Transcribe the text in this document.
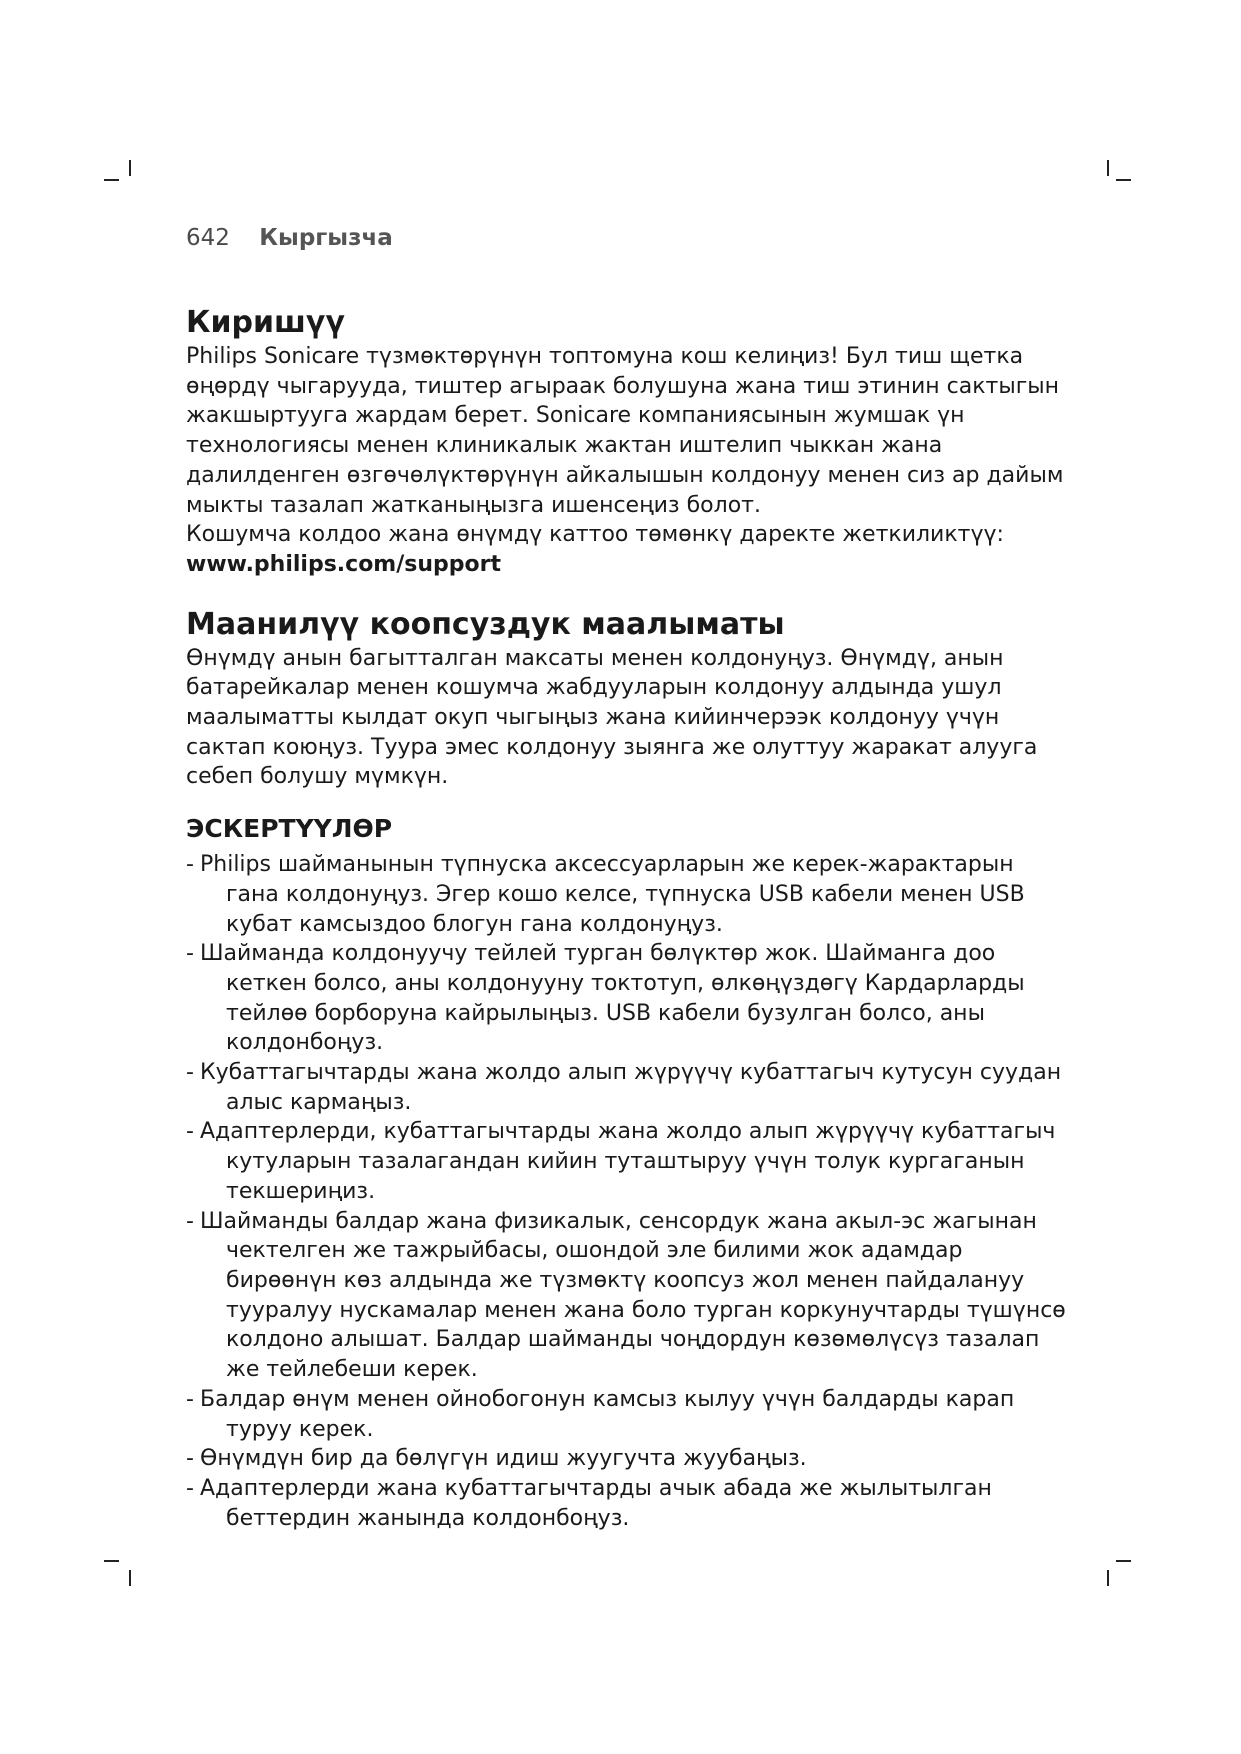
642 Кыргызча
Киришүү

Philips Sonicare түзмөктөрүнүн топтомуна кош келиңиз! Бул тиш щетка өңөрдү чыгарууда, тиштер агыраак болушуна жана тиш этинин сактыгын жакшыртууга жардам берет. Sonicare компаниясынын жумшак үн технологиясы менен клиникалык жактан иштелип чыккан жана далилденген өзгөчөлүктөрүнүн айкалышын колдонуу менен сиз ар дайым мыкты тазалап жатканыңызга ишенсеңиз болот.

Кошумча колдоо жана өнүмдү каттоо төмөнкү даректе жеткиликтүү:

www.philips.com/support

Маанилүү коопсуздук маалыматы

Өнүмдү анын багытталган максаты менен колдонуңуз. Өнүмдү, анын батарейкалар менен кошумча жабдууларын колдонуу алдында ушул маалыматты кылдат окуп чыгыңыз жана кийинчерээк колдонуу үчүн сактап коюңуз. Туура эмес колдонуу зыянга же олуттуу жаракат алууга себеп болушу мүмкүн.

ЭСКЕРТҮҮЛӨР
- Philips шайманынын түпнуска аксессуарларын же керек-жарактарын гана колдонуңуз. Эгер кошо келсе, түпнуска USB кабели менен USB кубат камсыздоо блогун гана колдонуңуз.
- Шайманда колдонуучу тейлей турган бөлүктөр жок. Шайманга доо кеткен болсо, аны колдонууну токтотуп, өлкөңүздөгү Кардарларды тейлөө борборуна кайрылыңыз. USB кабели бузулган болсо, аны колдонбоңуз.
- Кубаттагычтарды жана жолдо алып жүрүүчү кубаттагыч кутусун суудан алыс кармаңыз.
- Адаптерлерди, кубаттагычтарды жана жолдо алып жүрүүчү кубаттагыч кутуларын тазалагандан кийин туташтыруу үчүн толук кургаганын текшериңиз.
- Шайманды балдар жана физикалык, сенсордук жана акыл-эс жагынан чектелген же тажрыйбасы, ошондой эле билими жок адамдар бирөөнүн көз алдында же түзмөктү коопсуз жол менен пайдалануу тууралуу нускамалар менен жана боло турган коркунучтарды түшүнсө колдоно алышат. Балдар шайманды чоңдордун көзөмөлүсүз тазалап же тейлебеши керек.
- Балдар өнүм менен ойнобогонун камсыз кылуу үчүн балдарды карап туруу керек.
- Өнүмдүн бир да бөлүгүн идиш жуугучта жуубаңыз.
- Адаптерлерди жана кубаттагычтарды ачык абада же жылытылган беттердин жанында колдонбоңуз.
